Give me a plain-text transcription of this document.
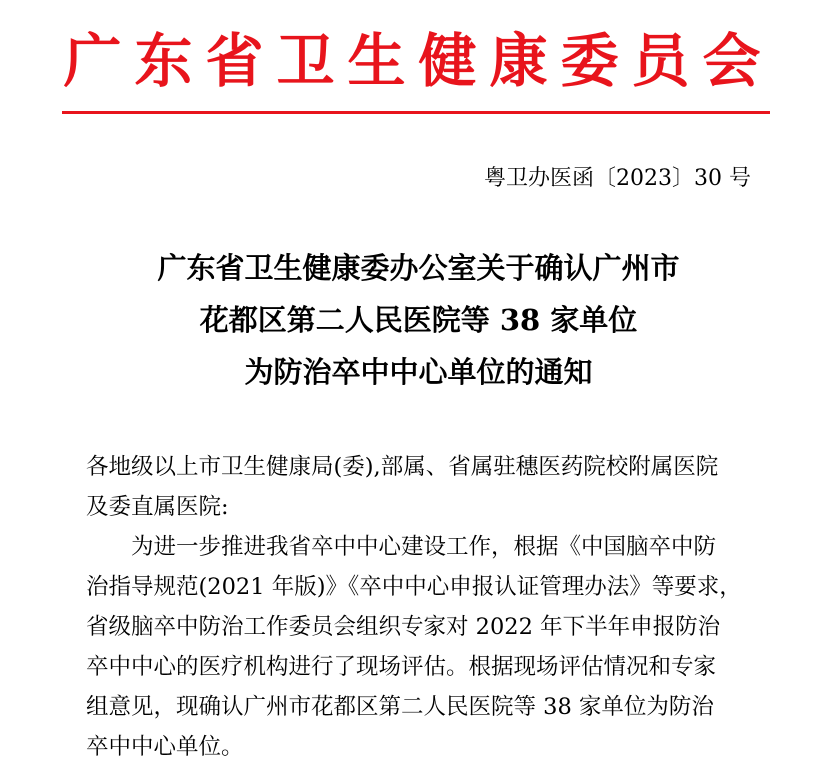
广东省卫生健康委员会
粤卫办医函〔2023〕30 号
广东省卫生健康委办公室关于确认广州市
花都区第二人民医院等 38 家单位
为防治卒中中心单位的通知
各地级以上市卫生健康局(委),部属、省属驻穗医药院校附属医院
及委直属医院:
为进一步推进我省卒中中心建设工作，根据《中国脑卒中防
治指导规范(2021 年版)》《卒中中心申报认证管理办法》等要求，
省级脑卒中防治工作委员会组织专家对 2022 年下半年申报防治
卒中中心的医疗机构进行了现场评估。根据现场评估情况和专家
组意见，现确认广州市花都区第二人民医院等 38 家单位为防治
卒中中心单位。
